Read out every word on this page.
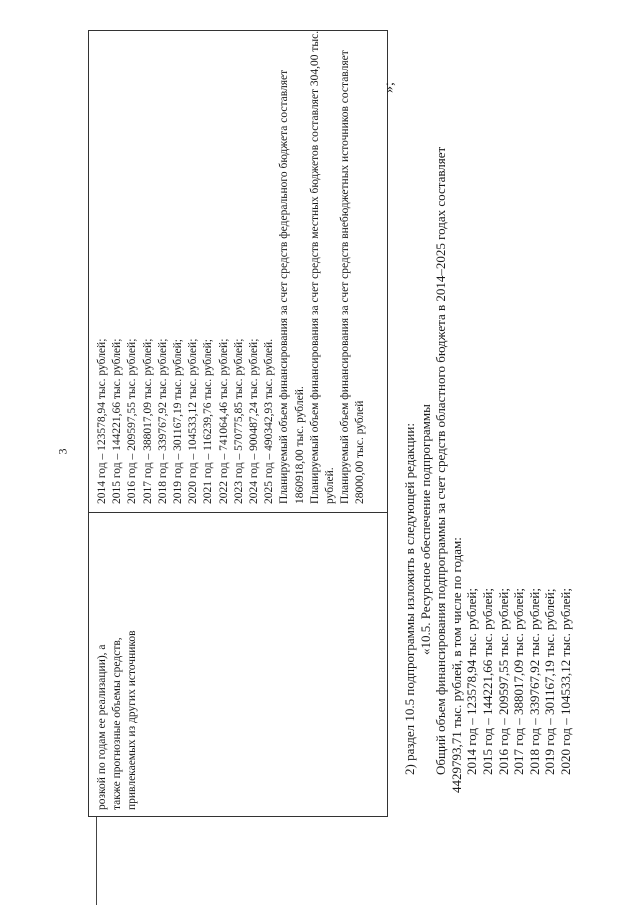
3
розкой по годам ее реализации), а также прогнозные объемы средств, привлекаемых из других источников
2014 год – 123578,94 тыс. рублей; 2015 год – 144221,66 тыс. рублей; 2016 год – 209597,55 тыс. рублей; 2017 год – 388017,09 тыс. рублей; 2018 год – 339767,92 тыс. рублей; 2019 год – 301167,19 тыс. рублей; 2020 год – 104533,12 тыс. рублей; 2021 год – 116239,76 тыс. рублей; 2022 год – 741064,46 тыс. рублей; 2023 год – 570775,85 тыс. рублей; 2024 год – 900487,24 тыс. рублей; 2025 год – 490342,93 тыс. рублей. Планируемый объем финансирования за счет средств федерального бюджета составляет 1860918,00 тыс. рублей. Планируемый объем финансирования за счет средств местных бюджетов составляет 304,00 тыс. рублей. Планируемый объем финансирования за счет средств внебюджетных источников составляет 28000,00 тыс. рублей
»;
2) раздел 10.5 подпрограммы изложить в следующей редакции: «10.5. Ресурсное обеспечение подпрограммы Общий объем финансирования подпрограммы за счет средств областного бюджета в 2014–2025 годах составляет 4429793,71 тыс. рублей, в том числе по годам: 2014 год – 123578,94 тыс. рублей; 2015 год – 144221,66 тыс. рублей; 2016 год – 209597,55 тыс. рублей; 2017 год – 388017,09 тыс. рублей; 2018 год – 339767,92 тыс. рублей; 2019 год – 301167,19 тыс. рублей; 2020 год – 104533,12 тыс. рублей;
